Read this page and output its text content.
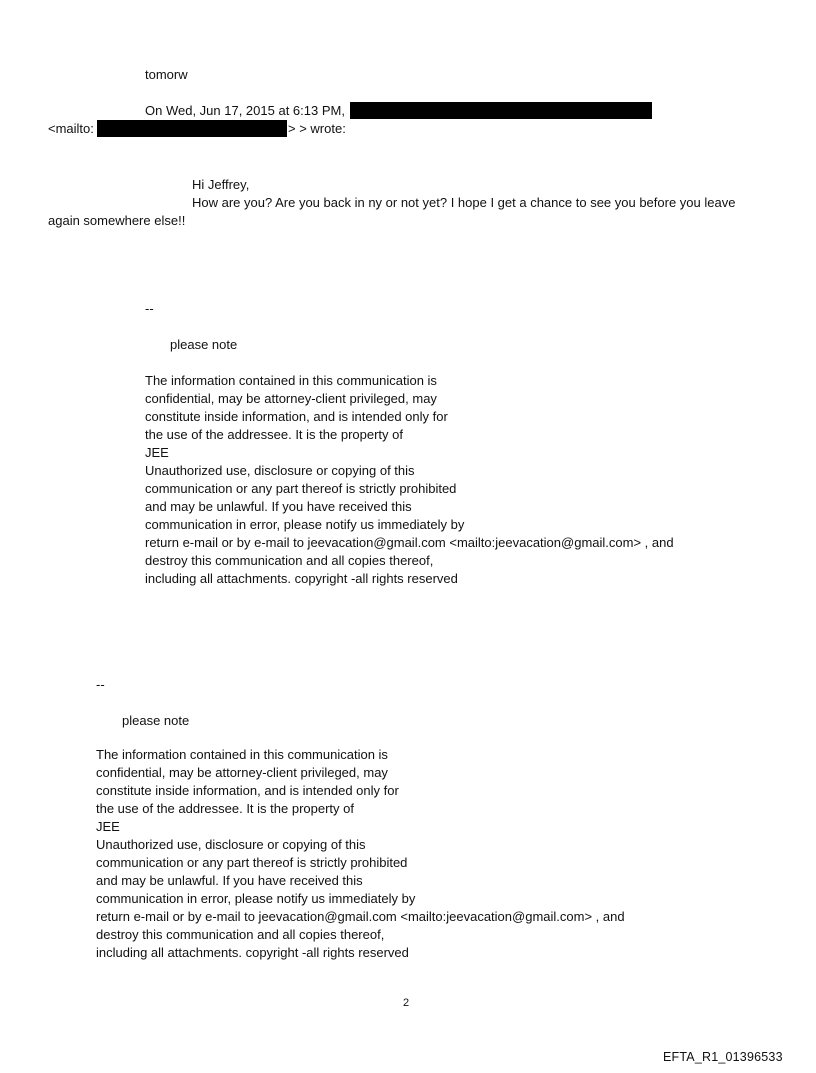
tomorw
On Wed, Jun 17, 2015 at 6:13 PM,
<mailto:	> > wrote:
Hi Jeffrey,
How are you? Are you back in ny or not yet? I hope I get a chance to see you before you leave
again somewhere else!!
--
please note
The information contained in this communication is
confidential, may be attorney-client privileged, may
constitute inside information, and is intended only for
the use of the addressee. It is the property of
JEE
Unauthorized use, disclosure or copying of this
communication or any part thereof is strictly prohibited
and may be unlawful. If you have received this
communication in error, please notify us immediately by
return e-mail or by e-mail to jeevacation@gmail.com <mailto:jeevacation@gmail.com> , and
destroy this communication and all copies thereof,
including all attachments. copyright -all rights reserved
--
please note
The information contained in this communication is
confidential, may be attorney-client privileged, may
constitute inside information, and is intended only for
the use of the addressee. It is the property of
JEE
Unauthorized use, disclosure or copying of this
communication or any part thereof is strictly prohibited
and may be unlawful. If you have received this
communication in error, please notify us immediately by
return e-mail or by e-mail to jeevacation@gmail.com <mailto:jeevacation@gmail.com> , and
destroy this communication and all copies thereof,
including all attachments. copyright -all rights reserved
2
EFTA_R1_01396533
